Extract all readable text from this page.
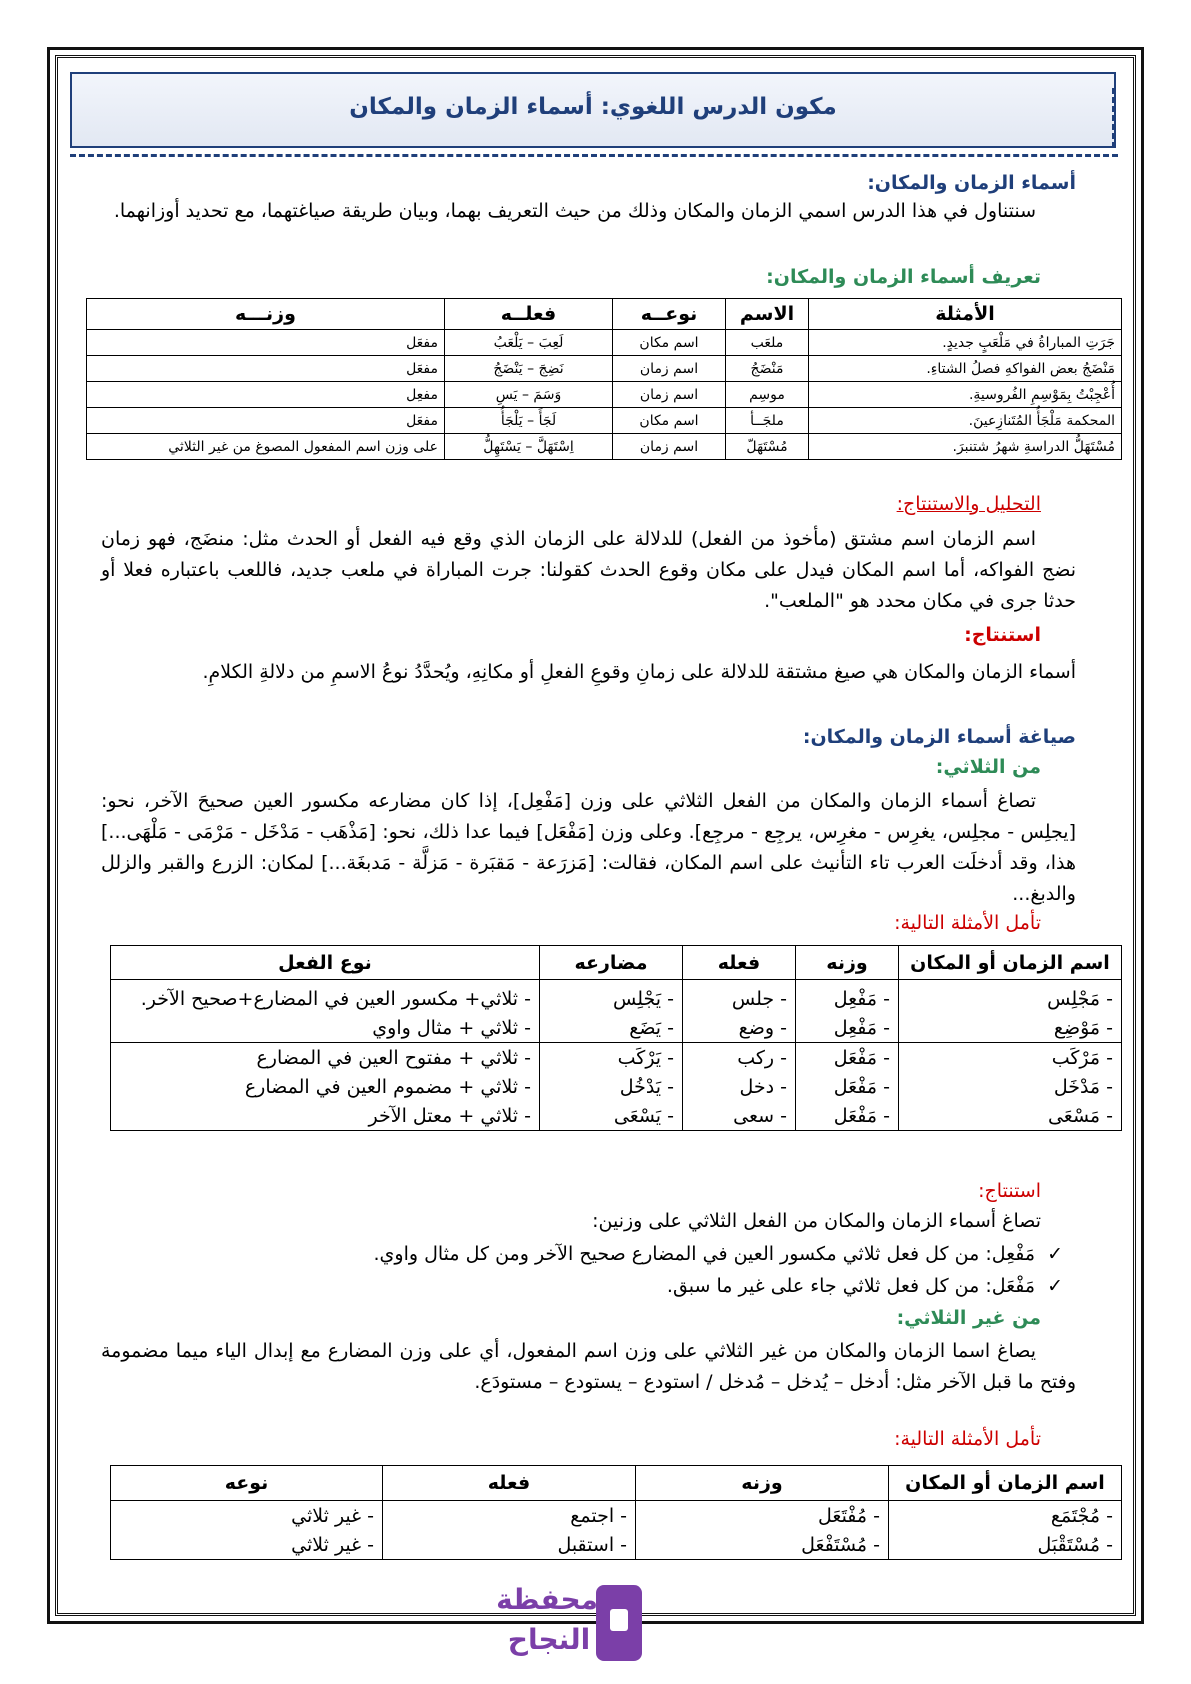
مكون الدرس اللغوي: أسماء الزمان والمكان
أسماء الزمان والمكان:
سنتناول في هذا الدرس اسمي الزمان والمكان وذلك من حيث التعريف بهما، وبيان طريقة صياغتهما، مع تحديد أوزانهما.
تعريف أسماء الزمان والمكان:
الأمثلة	الاسم	نوعــه	فعلــه	وزنـــه
جَرَتِ المباراةُ في مَلْعَبٍ جديدٍ.	ملعَب	اسم مكان	لَعِبَ – يَلْعَبُ	مفعَل
مَنْضَجُ بعض الفواكهِ فصلُ الشتاءِ.	مَنْضَجُ	اسم زمان	نَضِجَ – يَنْضَجُ	مفعَل
أُعْجِبْتُ بِمَوْسِمِ الفُروسيةِ.	موسِم	اسم زمان	وَسَمَ – يَسِ	مفعِل
المحكمة مَلْجَأُ المُتَنازِعينَ.	ملجَــأ	اسم مكان	لَجَأَ – يَلْجَأُ	مفعَل
مُسْتَهَلُّ الدراسةِ شهرُ شتنبرَ.	مُسْتَهَلّ	اسم زمان	اِسْتَهَلَّ – يَسْتَهِلُّ	على وزن اسم المفعول المصوغ من غير الثلاثي
التحليل والاستنتاج:
اسم الزمان اسم مشتق (مأخوذ من الفعل) للدلالة على الزمان الذي وقع فيه الفعل أو الحدث مثل: منضَج، فهو زمان نضج الفواكه، أما اسم المكان فيدل على مكان وقوع الحدث كقولنا: جرت المباراة في ملعب جديد، فاللعب باعتباره فعلا أو حدثا جرى في مكان محدد هو "الملعب".
استنتاج:
أسماء الزمان والمكان هي صيغ مشتقة للدلالة على زمانِ وقوعِ الفعلِ أو مكانِهِ، ويُحدَّدُ نوعُ الاسمِ من دلالةِ الكلامِ.
صياغة أسماء الزمان والمكان:
من الثلاثي:
تصاغ أسماء الزمان والمكان من الفعل الثلاثي على وزن [مَفْعِل]، إذا كان مضارعه مكسور العين صحيحَ الآخر، نحو: [يجلِس - مجلِس، يغرِس - مغرِس، يرجِع - مرجِع]. وعلى وزن [مَفْعَل] فيما عدا ذلك، نحو: [مَذْهَب - مَدْخَل - مَرْمَى - مَلْهَى...] هذا، وقد أدخلَت العرب تاء التأنيث على اسم المكان، فقالت: [مَزرَعة - مَقبَرة - مَزلَّة - مَدبغَة...] لمكان: الزرع والقبر والزلل والدبغ...
تأمل الأمثلة التالية:
اسم الزمان أو المكان	وزنه	فعله	مضارعه	نوع الفعل
- مَجْلِس	- مَفْعِل	- جلس	- يَجْلِس	- ثلاثي+ مكسور العين في المضارع+صحيح الآخر.
- مَوْضِع	- مَفْعِل	- وضع	- يَضَع	- ثلاثي + مثال واوي
- مَرْكَب	- مَفْعَل	- ركب	- يَرْكَب	- ثلاثي + مفتوح العين في المضارع
- مَدْخَل	- مَفْعَل	- دخل	- يَدْخُل	- ثلاثي + مضموم العين في المضارع
- مَسْعَى	- مَفْعَل	- سعى	- يَسْعَى	- ثلاثي + معتل الآخر
استنتاج:
تصاغ أسماء الزمان والمكان من الفعل الثلاثي على وزنين:
✓مَفْعِل: من كل فعل ثلاثي مكسور العين في المضارع صحيح الآخر ومن كل مثال واوي.
✓مَفْعَل: من كل فعل ثلاثي جاء على غير ما سبق.
من غير الثلاثي:
يصاغ اسما الزمان والمكان من غير الثلاثي على وزن اسم المفعول، أي على وزن المضارع مع إبدال الياء ميما مضمومة وفتح ما قبل الآخر مثل: أدخل – يُدخل – مُدخل / استودع – يستودع – مستودَع.
تأمل الأمثلة التالية:
اسم الزمان أو المكان	وزنه	فعله	نوعه
- مُجْتَمَع	- مُفْتَعَل	- اجتمع	- غير ثلاثي
- مُسْتَقْبَل	- مُسْتَفْعَل	- استقبل	- غير ثلاثي
محفظة
النجاح
